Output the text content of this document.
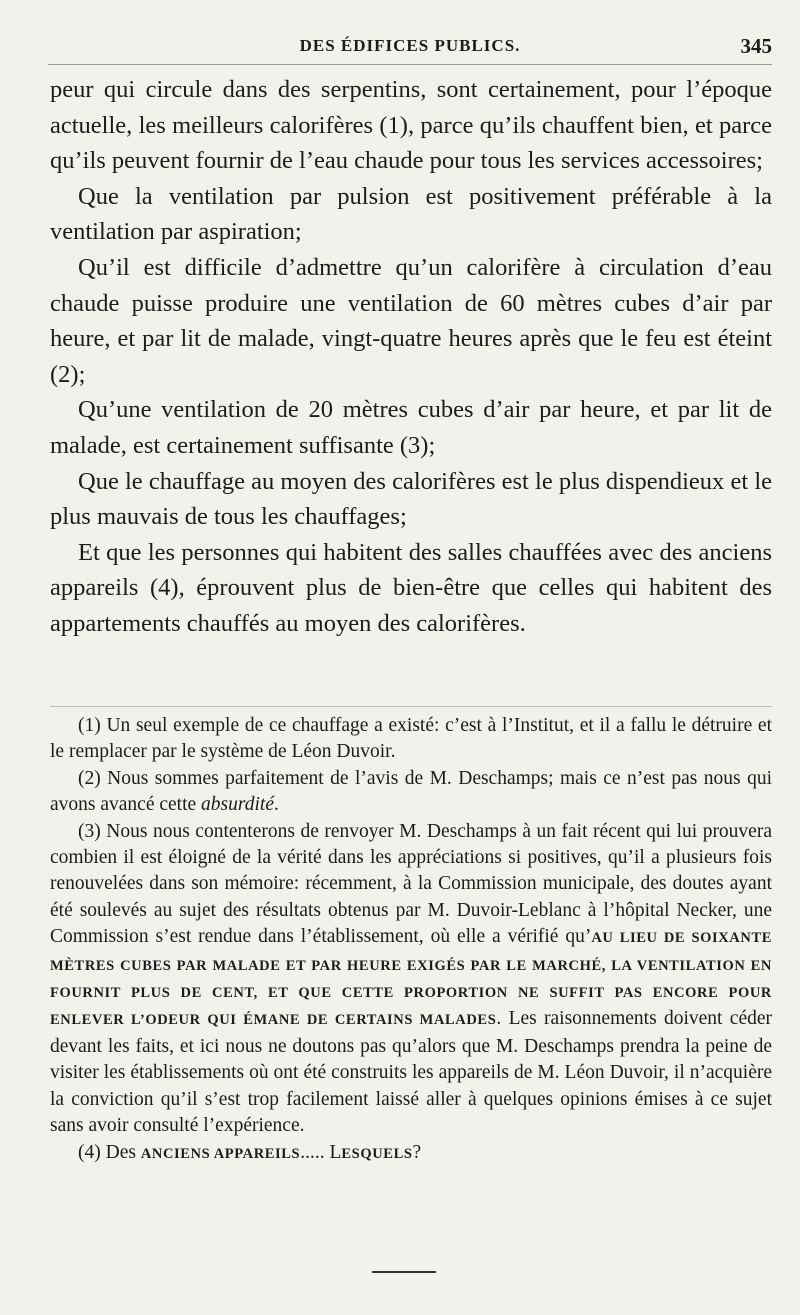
DES ÉDIFICES PUBLICS.	345

peur qui circule dans des serpentins, sont certainement, pour l’époque actuelle, les meilleurs calorifères (1), parce qu’ils chauffent bien, et parce qu’ils peuvent fournir de l’eau chaude pour tous les services accessoires;

Que la ventilation par pulsion est positivement préférable à la ventilation par aspiration;

Qu’il est difficile d’admettre qu’un calorifère à circulation d’eau chaude puisse produire une ventilation de 60 mètres cubes d’air par heure, et par lit de malade, vingt-quatre heures après que le feu est éteint (2);

Qu’une ventilation de 20 mètres cubes d’air par heure, et par lit de malade, est certainement suffisante (3);

Que le chauffage au moyen des calorifères est le plus dispendieux et le plus mauvais de tous les chauffages;

Et que les personnes qui habitent des salles chauffées avec des anciens appareils (4), éprouvent plus de bien-être que celles qui habitent des appartements chauffés au moyen des calorifères.

(1) Un seul exemple de ce chauffage a existé: c’est à l’Institut, et il a fallu le détruire et le remplacer par le système de Léon Duvoir.

(2) Nous sommes parfaitement de l’avis de M. Deschamps; mais ce n’est pas nous qui avons avancé cette absurdité.

(3) Nous nous contenterons de renvoyer M. Deschamps à un fait récent qui lui prouvera combien il est éloigné de la vérité dans les appréciations si positives, qu’il a plusieurs fois renouvelées dans son mémoire: récemment, à la Commission municipale, des doutes ayant été soulevés au sujet des résultats obtenus par M. Duvoir-Leblanc à l’hôpital Necker, une Commission s’est rendue dans l’établissement, où elle a vérifié qu’AU LIEU DE SOIXANTE MÈTRES CUBES PAR MALADE ET PAR HEURE EXIGÉS PAR LE MARCHÉ, LA VENTILATION EN FOURNIT PLUS DE CENT, ET QUE CETTE PROPORTION NE SUFFIT PAS ENCORE POUR ENLEVER L’ODEUR QUI ÉMANE DE CERTAINS MALADES. Les raisonnements doivent céder devant les faits, et ici nous ne doutons pas qu’alors que M. Deschamps prendra la peine de visiter les établissements où ont été construits les appareils de M. Léon Duvoir, il n’acquière la conviction qu’il s’est trop facilement laissé aller à quelques opinions émises à ce sujet sans avoir consulté l’expérience.

(4) Des ANCIENS APPAREILS..... LESQUELS?
